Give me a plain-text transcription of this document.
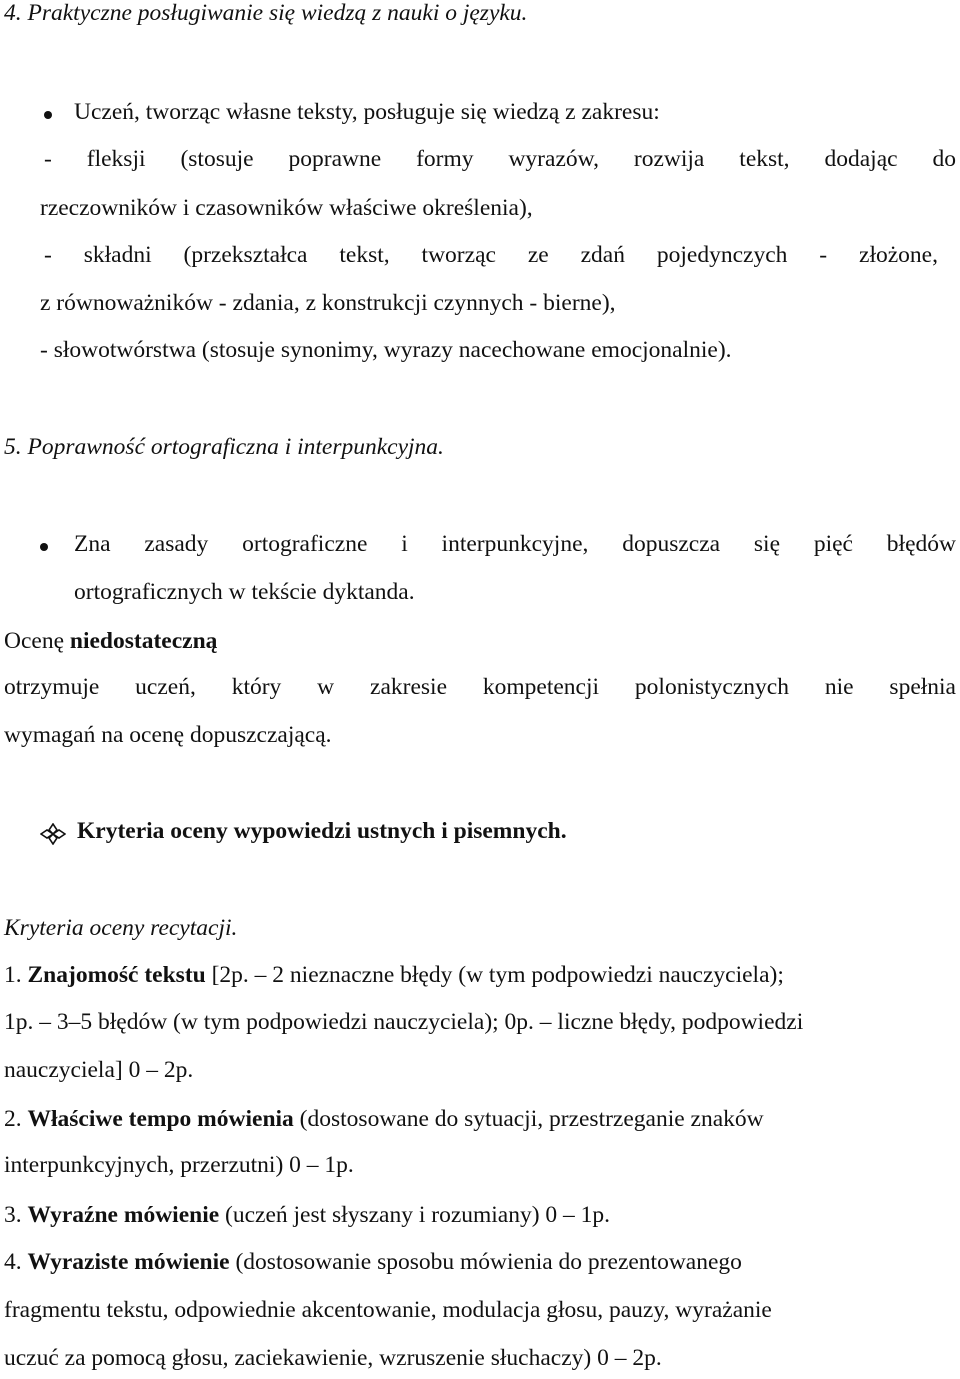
4. Praktyczne posługiwanie się wiedzą z nauki o języku.
Uczeń, tworząc własne teksty, posługuje się wiedzą z zakresu:
- fleksji (stosuje poprawne formy wyrazów, rozwija tekst, dodając do
rzeczowników i czasowników właściwe określenia),
- składni (przekształca tekst, tworząc ze zdań pojedynczych - złożone,
z równoważników - zdania, z konstrukcji czynnych - bierne),
- słowotwórstwa (stosuje synonimy, wyrazy nacechowane emocjonalnie).
5. Poprawność ortograficzna i interpunkcyjna.
Zna zasady ortograficzne i interpunkcyjne, dopuszcza się pięć błędów
ortograficznych w tekście dyktanda.
Ocenę niedostateczną
otrzymuje uczeń, który w zakresie kompetencji polonistycznych nie spełnia
wymagań na ocenę dopuszczającą.
Kryteria oceny wypowiedzi ustnych i pisemnych.
Kryteria oceny recytacji.
1. Znajomość tekstu [2p. – 2 nieznaczne błędy (w tym podpowiedzi nauczyciela);
1p. – 3–5 błędów (w tym podpowiedzi nauczyciela); 0p. – liczne błędy, podpowiedzi
nauczyciela] 0 – 2p.
2. Właściwe tempo mówienia (dostosowane do sytuacji, przestrzeganie znaków
interpunkcyjnych, przerzutni) 0 – 1p.
3. Wyraźne mówienie (uczeń jest słyszany i rozumiany) 0 – 1p.
4. Wyraziste mówienie (dostosowanie sposobu mówienia do prezentowanego
fragmentu tekstu, odpowiednie akcentowanie, modulacja głosu, pauzy, wyrażanie
uczuć za pomocą głosu, zaciekawienie, wzruszenie słuchaczy) 0 – 2p.
